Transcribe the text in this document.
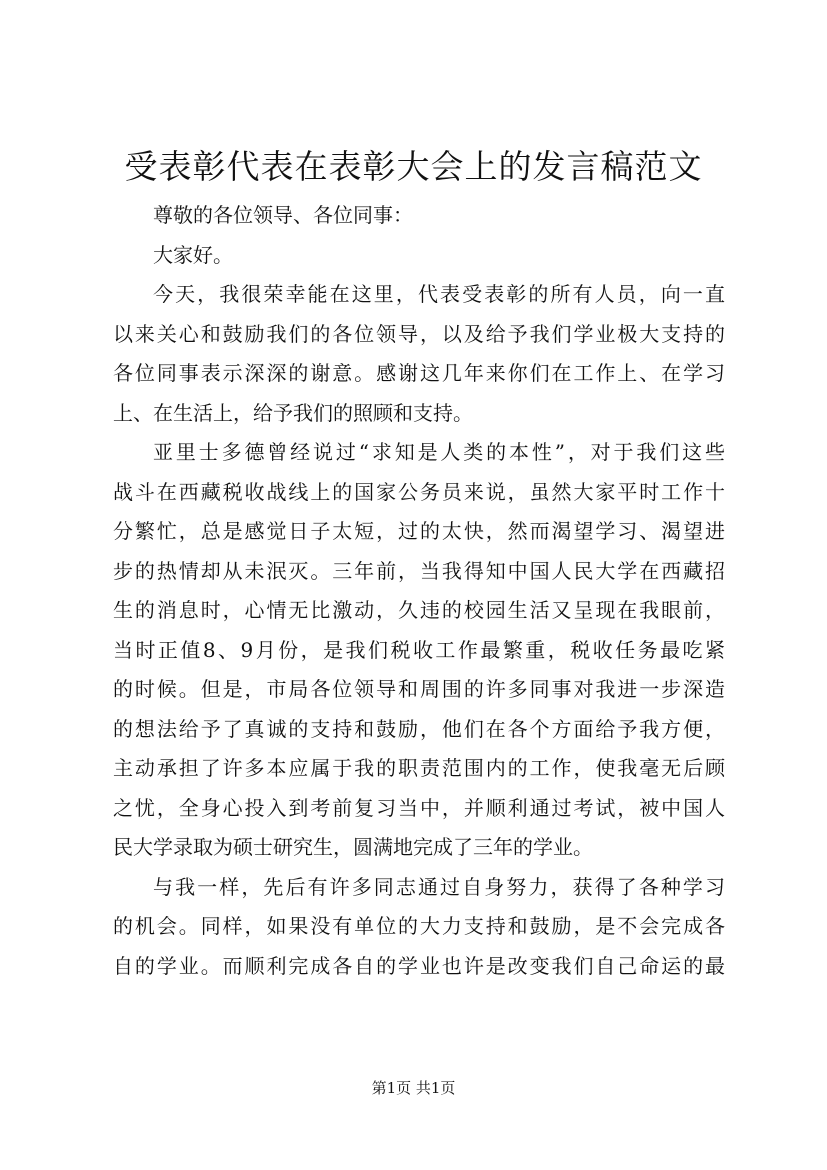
受表彰代表在表彰大会上的发言稿范文
尊敬的各位领导、各位同事：
大家好。
今天，我很荣幸能在这里，代表受表彰的所有人员，向一直
以来关心和鼓励我们的各位领导，以及给予我们学业极大支持的
各位同事表示深深的谢意。感谢这几年来你们在工作上、在学习
上、在生活上，给予我们的照顾和支持。
亚里士多德曾经说过“求知是人类的本性”，对于我们这些
战斗在西藏税收战线上的国家公务员来说，虽然大家平时工作十
分繁忙，总是感觉日子太短，过的太快，然而渴望学习、渴望进
步的热情却从未泯灭。三年前，当我得知中国人民大学在西藏招
生的消息时，心情无比激动，久违的校园生活又呈现在我眼前，
当时正值8、9月份，是我们税收工作最繁重，税收任务最吃紧
的时候。但是，市局各位领导和周围的许多同事对我进一步深造
的想法给予了真诚的支持和鼓励，他们在各个方面给予我方便，
主动承担了许多本应属于我的职责范围内的工作，使我毫无后顾
之忧，全身心投入到考前复习当中，并顺利通过考试，被中国人
民大学录取为硕士研究生，圆满地完成了三年的学业。
与我一样，先后有许多同志通过自身努力，获得了各种学习
的机会。同样，如果没有单位的大力支持和鼓励，是不会完成各
自的学业。而顺利完成各自的学业也许是改变我们自己命运的最
第1页 共1页
